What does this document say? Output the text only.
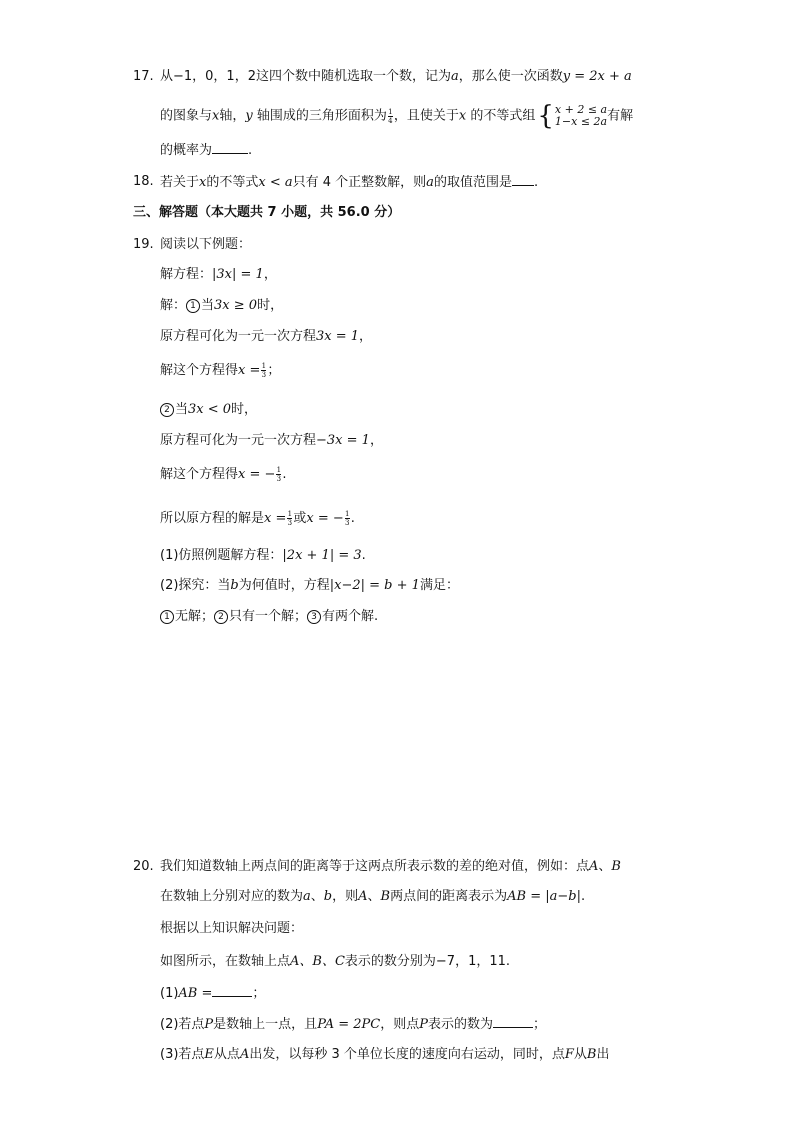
17. 从−1，0，1，2这四个数中随机选取一个数，记为a，那么使一次函数y = 2x + a
的图象与x轴，y 轴围成的三角形面积为 $\frac{1}{4}$ ，且使关于x 的不等式组 { x + 2 ≤ a
1−x ≤ 2a 有解
的概率为	.
18. 若关于x的不等式x < a只有 4 个正整数解，则a的取值范围是 .
三、解答题（本大题共 7 小题，共 56.0 分）
19. 阅读以下例题：
解方程：|3x| = 1，
解： 1 当3x ≥ 0时，
原方程可化为一元一次方程3x = 1，
解这个方程得$x = \frac{1}{3}$ ；
2 当3x < 0时，
原方程可化为一元一次方程−3x = 1，
解这个方程得x = − $\frac{1}{3}$ .
所以原方程的解是$x = \frac{1}{3}$ 或x = − $\frac{1}{3}$ .
(1)仿照例题解方程：|2x + 1| = 3.
(2)探究：当b为何值时，方程|x−2| = b + 1满足：
1 无解； 2 只有一个解； 3 有两个解.
20. 我们知道数轴上两点间的距离等于这两点所表示数的差的绝对值，例如：点A、B
在数轴上分别对应的数为a、b，则A、B两点间的距离表示为AB = |a−b|.
根据以上知识解决问题：
如图所示，在数轴上点A、B、C表示的数分别为−7，1，11.
(1)AB =	；
(2)若点P是数轴上一点，且PA = 2PC，则点P表示的数为	；
(3)若点E从点A出发，以每秒 3 个单位长度的速度向右运动，同时，点F从B出
